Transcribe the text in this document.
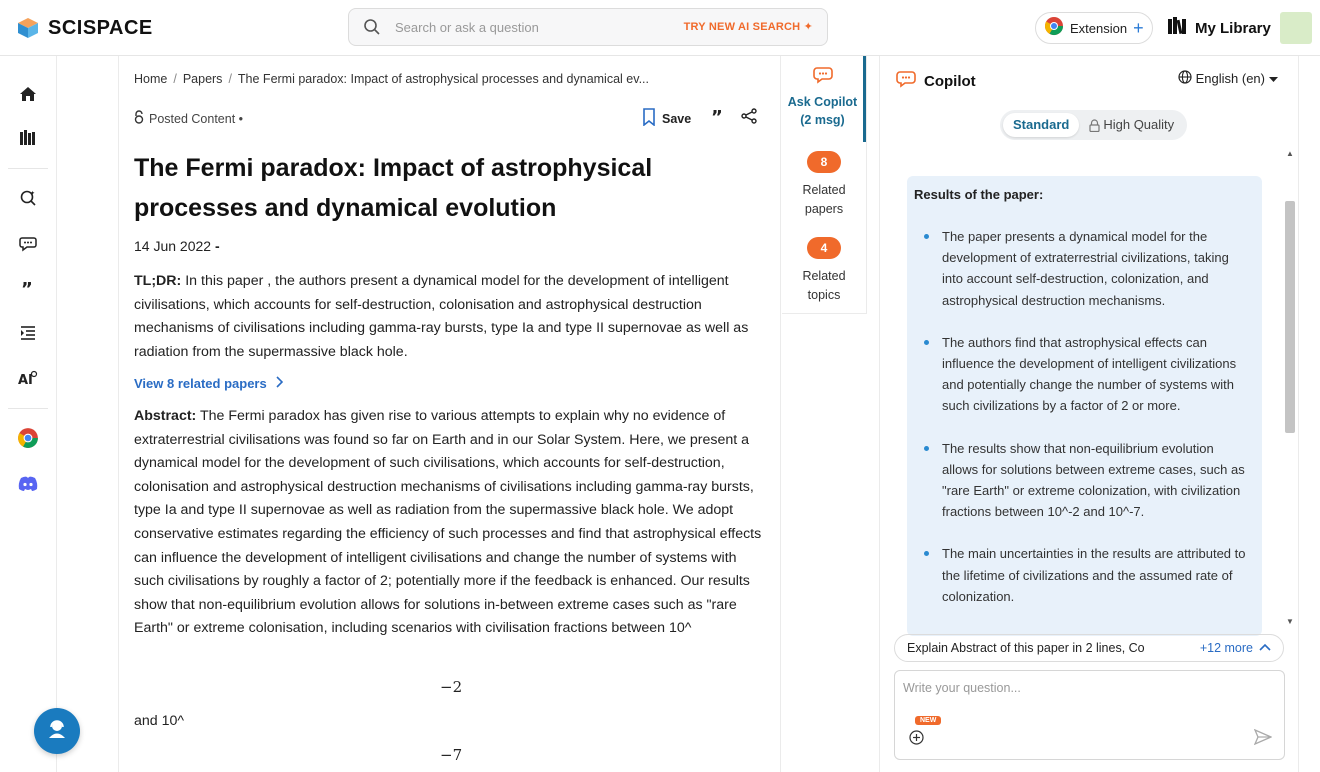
SCISPACE
Search or ask a question	TRY NEW AI SEARCH ✦	Extension +	My Library
✦
”
AI
Home / Papers / The Fermi paradox: Impact of astrophysical processes and dynamical ev...
Posted Content •	Save ”
The Fermi paradox: Impact of astrophysical processes and dynamical evolution
14 Jun 2022 -

TL;DR: In this paper , the authors present a dynamical model for the development of intelligent civilisations, which accounts for self-destruction, colonisation and astrophysical destruction mechanisms of civilisations including gamma-ray bursts, type Ia and type II supernovae as well as radiation from the supermassive black hole.

View 8 related papers

Abstract: The Fermi paradox has given rise to various attempts to explain why no evidence of extraterrestrial civilisations was found so far on Earth and in our Solar System. Here, we present a dynamical model for the development of such civilisations, which accounts for self-destruction, colonisation and astrophysical destruction mechanisms of civilisations including gamma-ray bursts, type Ia and type II supernovae as well as radiation from the supermassive black hole. We adopt conservative estimates regarding the efficiency of such processes and find that astrophysical effects can influence the development of intelligent civilisations and change the number of systems with such civilisations by roughly a factor of 2; potentially more if the feedback is enhanced. Our results show that non-equilibrium evolution allows for solutions in-between extreme cases such as "rare Earth" or extreme colonisation, including scenarios with civilisation fractions between 10^

−2
and 10^
−7
Ask Copilot
(2 msg)
8
Related papers
4
Related topics
Copilot	English (en)
Standard	High Quality
Results of the paper:
The paper presents a dynamical model for the development of extraterrestrial civilizations, taking into account self-destruction, colonization, and astrophysical destruction mechanisms.
The authors find that astrophysical effects can influence the development of intelligent civilizations and potentially change the number of systems with such civilizations by a factor of 2 or more.
The results show that non-equilibrium evolution allows for solutions between extreme cases, such as "rare Earth" or extreme colonization, with civilization fractions between 10^-2 and 10^-7.
The main uncertainties in the results are attributed to the lifetime of civilizations and the assumed rate of colonization.
▲
▼
Explain Abstract of this paper in 2 lines, Co	+12 more
Write your question...
NEW
